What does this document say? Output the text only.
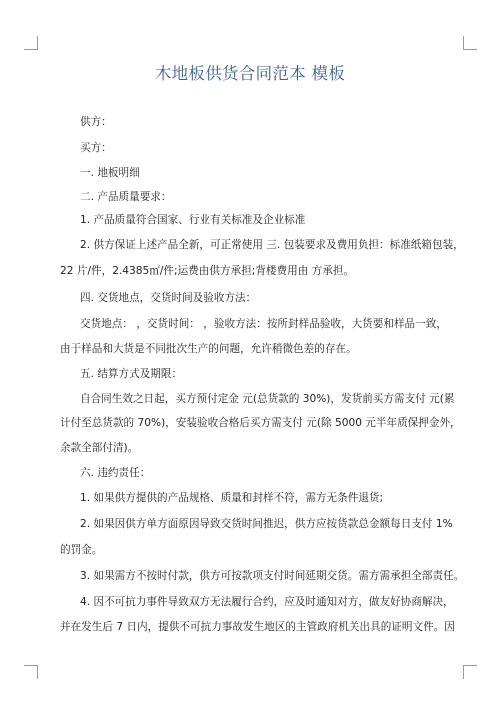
木地板供货合同范本 模板
供方：
买方：
一. 地板明细
二. 产品质量要求：
1. 产品质量符合国家、行业有关标准及企业标准
2. 供方保证上述产品全新，可正常使用 三. 包装要求及费用负担：标准纸箱包装，
22 片/件，2.4385㎡/件;运费由供方承担;背楼费用由 方承担。
四. 交货地点，交货时间及验收方法：
交货地点： ，交货时间： ，验收方法：按所封样品验收，大货要和样品一致，
由于样品和大货是不同批次生产的问题，允许稍微色差的存在。
五. 结算方式及期限：
自合同生效之日起，买方预付定金 元(总货款的 30%)，发货前买方需支付 元(累
计付至总货款的 70%)，安装验收合格后买方需支付 元(除 5000 元半年质保押金外，
余款全部付清)。
六. 违约责任：
1. 如果供方提供的产品规格、质量和封样不符，需方无条件退货;
2. 如果因供方单方面原因导致交货时间推迟，供方应按货款总金额每日支付 1%
的罚金。
3. 如果需方不按时付款，供方可按款项支付时间延期交货。需方需承担全部责任。
4. 因不可抗力事件导致双方无法履行合约，应及时通知对方，做友好协商解决，
并在发生后 7 日内，提供不可抗力事故发生地区的主管政府机关出具的证明文件。因
